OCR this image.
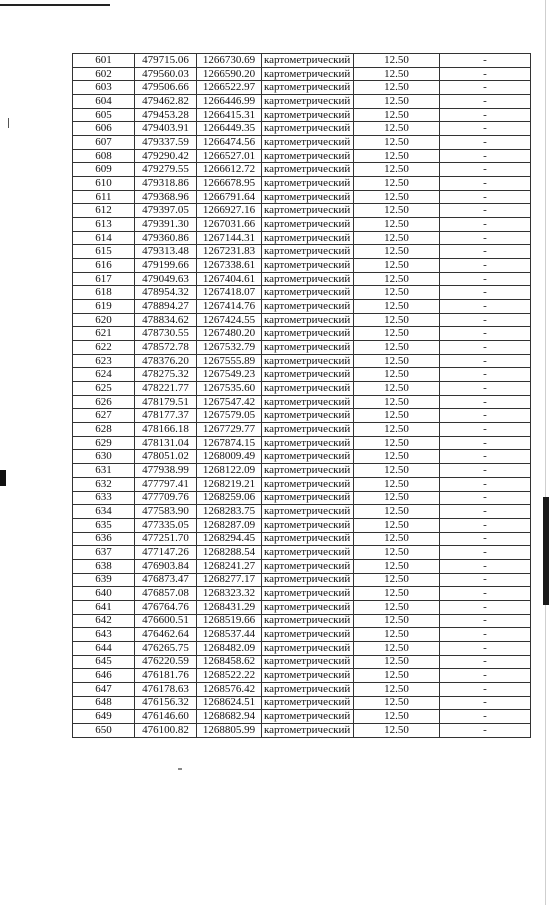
601	479715.06	1266730.69	картометрический	12.50	-
602	479560.03	1266590.20	картометрический	12.50	-
603	479506.66	1266522.97	картометрический	12.50	-
604	479462.82	1266446.99	картометрический	12.50	-
605	479453.28	1266415.31	картометрический	12.50	-
606	479403.91	1266449.35	картометрический	12.50	-
607	479337.59	1266474.56	картометрический	12.50	-
608	479290.42	1266527.01	картометрический	12.50	-
609	479279.55	1266612.72	картометрический	12.50	-
610	479318.86	1266678.95	картометрический	12.50	-
611	479368.96	1266791.64	картометрический	12.50	-
612	479397.05	1266927.16	картометрический	12.50	-
613	479391.30	1267031.66	картометрический	12.50	-
614	479360.86	1267144.31	картометрический	12.50	-
615	479313.48	1267231.83	картометрический	12.50	-
616	479199.66	1267338.61	картометрический	12.50	-
617	479049.63	1267404.61	картометрический	12.50	-
618	478954.32	1267418.07	картометрический	12.50	-
619	478894.27	1267414.76	картометрический	12.50	-
620	478834.62	1267424.55	картометрический	12.50	-
621	478730.55	1267480.20	картометрический	12.50	-
622	478572.78	1267532.79	картометрический	12.50	-
623	478376.20	1267555.89	картометрический	12.50	-
624	478275.32	1267549.23	картометрический	12.50	-
625	478221.77	1267535.60	картометрический	12.50	-
626	478179.51	1267547.42	картометрический	12.50	-
627	478177.37	1267579.05	картометрический	12.50	-
628	478166.18	1267729.77	картометрический	12.50	-
629	478131.04	1267874.15	картометрический	12.50	-
630	478051.02	1268009.49	картометрический	12.50	-
631	477938.99	1268122.09	картометрический	12.50	-
632	477797.41	1268219.21	картометрический	12.50	-
633	477709.76	1268259.06	картометрический	12.50	-
634	477583.90	1268283.75	картометрический	12.50	-
635	477335.05	1268287.09	картометрический	12.50	-
636	477251.70	1268294.45	картометрический	12.50	-
637	477147.26	1268288.54	картометрический	12.50	-
638	476903.84	1268241.27	картометрический	12.50	-
639	476873.47	1268277.17	картометрический	12.50	-
640	476857.08	1268323.32	картометрический	12.50	-
641	476764.76	1268431.29	картометрический	12.50	-
642	476600.51	1268519.66	картометрический	12.50	-
643	476462.64	1268537.44	картометрический	12.50	-
644	476265.75	1268482.09	картометрический	12.50	-
645	476220.59	1268458.62	картометрический	12.50	-
646	476181.76	1268522.22	картометрический	12.50	-
647	476178.63	1268576.42	картометрический	12.50	-
648	476156.32	1268624.51	картометрический	12.50	-
649	476146.60	1268682.94	картометрический	12.50	-
650	476100.82	1268805.99	картометрический	12.50	-
